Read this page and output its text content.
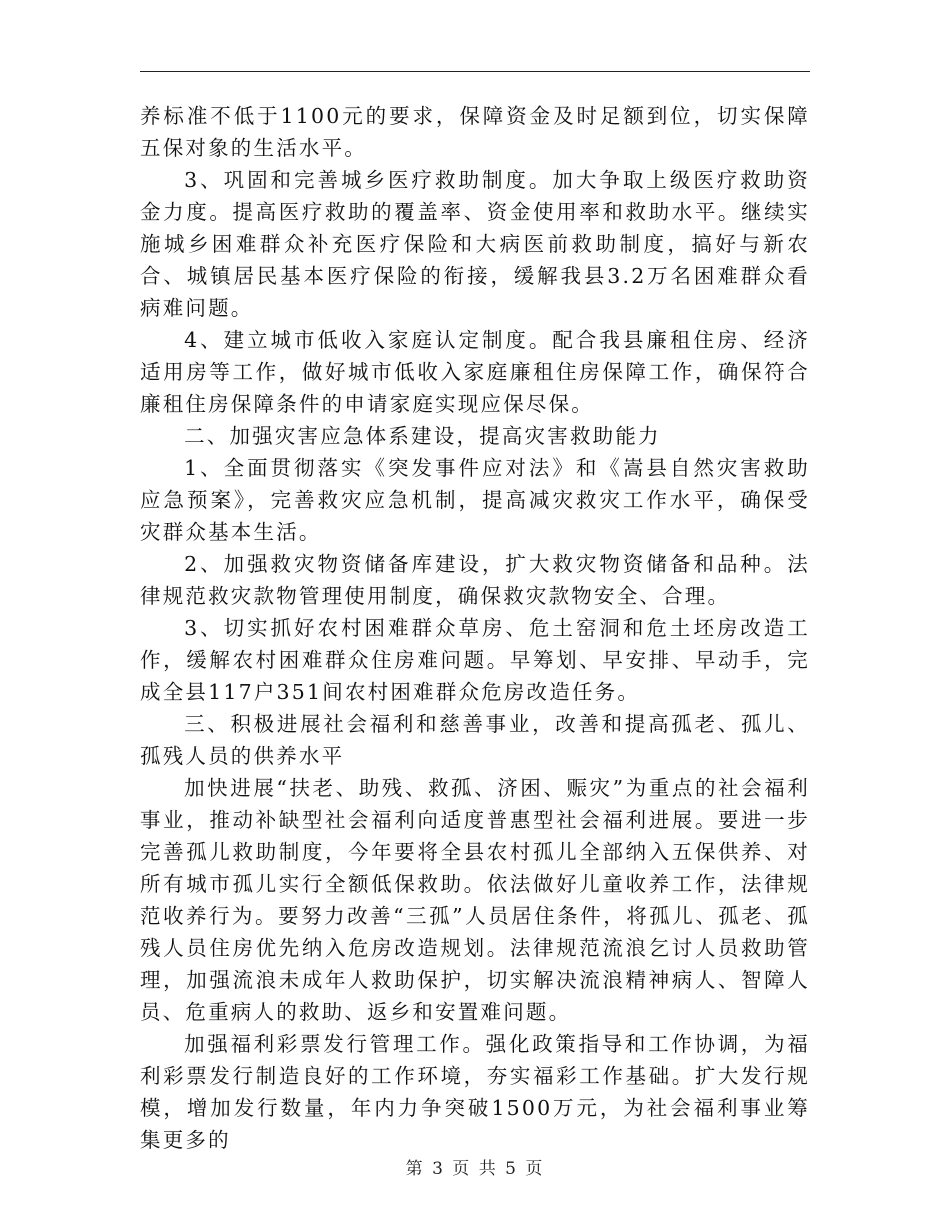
养标准不低于1100元的要求，保障资金及时足额到位，切实保障五保对象的生活水平。

3、巩固和完善城乡医疗救助制度。加大争取上级医疗救助资金力度。提高医疗救助的覆盖率、资金使用率和救助水平。继续实施城乡困难群众补充医疗保险和大病医前救助制度，搞好与新农合、城镇居民基本医疗保险的衔接，缓解我县3.2万名困难群众看病难问题。

4、建立城市低收入家庭认定制度。配合我县廉租住房、经济适用房等工作，做好城市低收入家庭廉租住房保障工作，确保符合廉租住房保障条件的申请家庭实现应保尽保。

二、加强灾害应急体系建设，提高灾害救助能力

1、全面贯彻落实《突发事件应对法》和《嵩县自然灾害救助应急预案》，完善救灾应急机制，提高减灾救灾工作水平，确保受灾群众基本生活。

2、加强救灾物资储备库建设，扩大救灾物资储备和品种。法律规范救灾款物管理使用制度，确保救灾款物安全、合理。

3、切实抓好农村困难群众草房、危土窑洞和危土坯房改造工作，缓解农村困难群众住房难问题。早筹划、早安排、早动手，完成全县117户351间农村困难群众危房改造任务。

三、积极进展社会福利和慈善事业，改善和提高孤老、孤儿、孤残人员的供养水平

加快进展“扶老、助残、救孤、济困、赈灾”为重点的社会福利事业，推动补缺型社会福利向适度普惠型社会福利进展。要进一步完善孤儿救助制度，今年要将全县农村孤儿全部纳入五保供养、对所有城市孤儿实行全额低保救助。依法做好儿童收养工作，法律规范收养行为。要努力改善“三孤”人员居住条件，将孤儿、孤老、孤残人员住房优先纳入危房改造规划。法律规范流浪乞讨人员救助管理，加强流浪未成年人救助保护，切实解决流浪精神病人、智障人员、危重病人的救助、返乡和安置难问题。

加强福利彩票发行管理工作。强化政策指导和工作协调，为福利彩票发行制造良好的工作环境，夯实福彩工作基础。扩大发行规模，增加发行数量，年内力争突破1500万元，为社会福利事业筹集更多的

第 3 页 共 5 页
